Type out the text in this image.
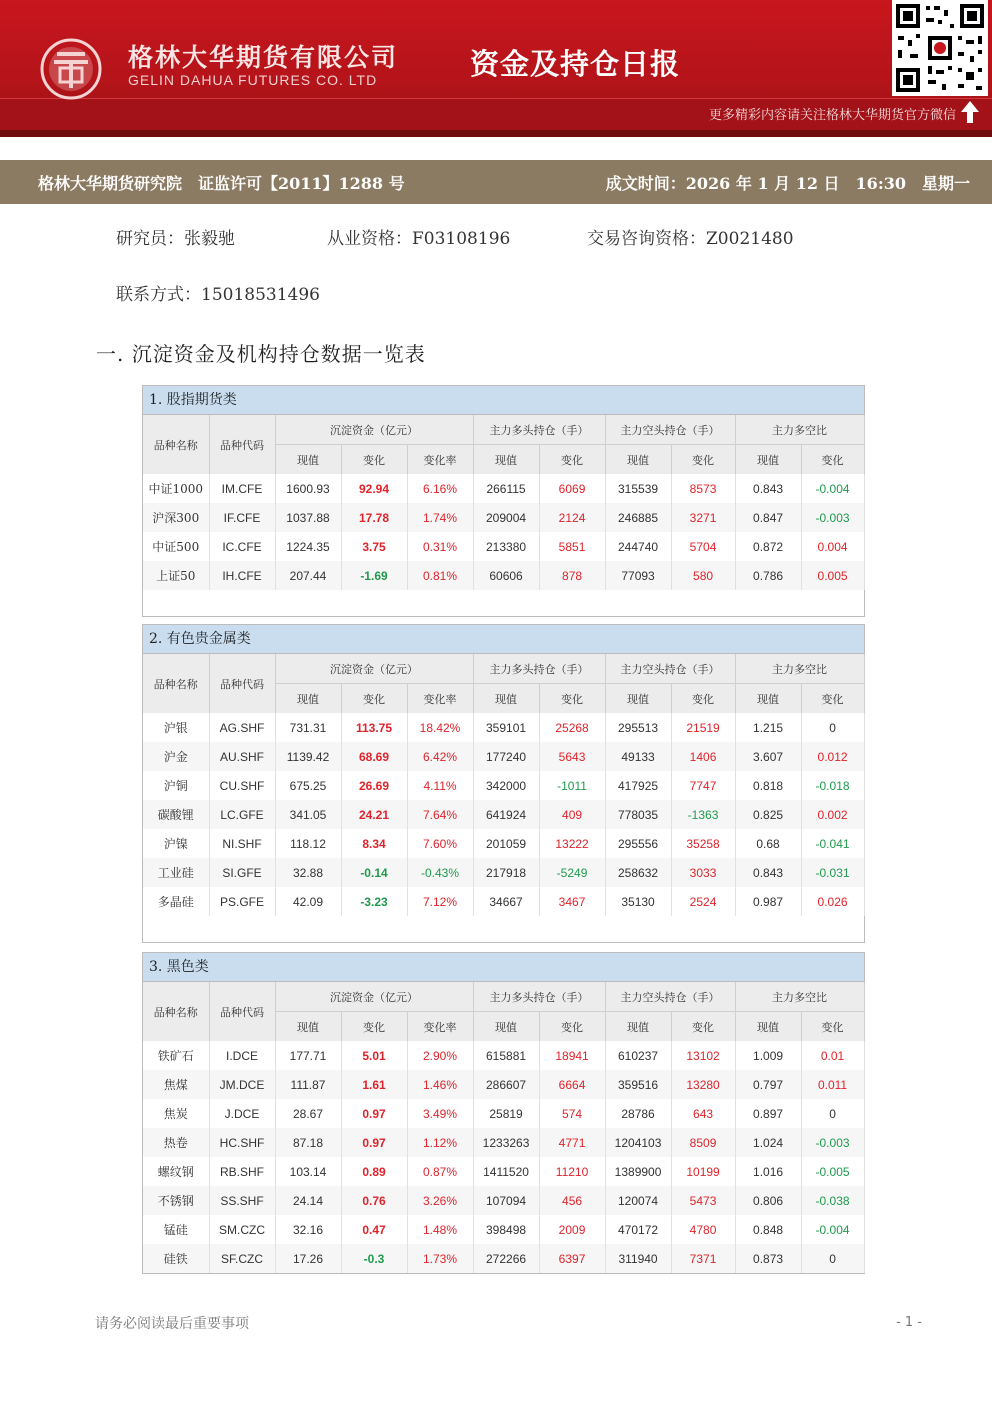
格林大华期货有限公司
GELIN DAHUA FUTURES CO. LTD	资金及持仓日报
更多精彩内容请关注格林大华期货官方微信
格林大华期货研究院　证监许可【2011】1288 号	成文时间：2026 年 1 月 12 日　16:30　星期一
研究员：张毅驰	从业资格：F03108196	交易咨询资格：Z0021480
联系方式：15018531496
一. 沉淀资金及机构持仓数据一览表
1. 股指期货类
品种名称	品种代码	沉淀资金（亿元）			主力多头持仓（手）		主力空头持仓（手）		主力多空比	
		现值	变化	变化率	现值	变化	现值	变化	现值	变化
中证1000	IM.CFE	1600.93	92.94	6.16%	266115	6069	315539	8573	0.843	-0.004
沪深300	IF.CFE	1037.88	17.78	1.74%	209004	2124	246885	3271	0.847	-0.003
中证500	IC.CFE	1224.35	3.75	0.31%	213380	5851	244740	5704	0.872	0.004
上证50	IH.CFE	207.44	-1.69	0.81%	60606	878	77093	580	0.786	0.005
2. 有色贵金属类
品种名称	品种代码	沉淀资金（亿元）			主力多头持仓（手）		主力空头持仓（手）		主力多空比	
		现值	变化	变化率	现值	变化	现值	变化	现值	变化
沪银	AG.SHF	731.31	113.75	18.42%	359101	25268	295513	21519	1.215	0
沪金	AU.SHF	1139.42	68.69	6.42%	177240	5643	49133	1406	3.607	0.012
沪铜	CU.SHF	675.25	26.69	4.11%	342000	-1011	417925	7747	0.818	-0.018
碳酸锂	LC.GFE	341.05	24.21	7.64%	641924	409	778035	-1363	0.825	0.002
沪镍	NI.SHF	118.12	8.34	7.60%	201059	13222	295556	35258	0.68	-0.041
工业硅	SI.GFE	32.88	-0.14	-0.43%	217918	-5249	258632	3033	0.843	-0.031
多晶硅	PS.GFE	42.09	-3.23	7.12%	34667	3467	35130	2524	0.987	0.026
3. 黑色类
品种名称	品种代码	沉淀资金（亿元）			主力多头持仓（手）		主力空头持仓（手）		主力多空比	
		现值	变化	变化率	现值	变化	现值	变化	现值	变化
铁矿石	I.DCE	177.71	5.01	2.90%	615881	18941	610237	13102	1.009	0.01
焦煤	JM.DCE	111.87	1.61	1.46%	286607	6664	359516	13280	0.797	0.011
焦炭	J.DCE	28.67	0.97	3.49%	25819	574	28786	643	0.897	0
热卷	HC.SHF	87.18	0.97	1.12%	1233263	4771	1204103	8509	1.024	-0.003
螺纹钢	RB.SHF	103.14	0.89	0.87%	1411520	11210	1389900	10199	1.016	-0.005
不锈钢	SS.SHF	24.14	0.76	3.26%	107094	456	120074	5473	0.806	-0.038
锰硅	SM.CZC	32.16	0.47	1.48%	398498	2009	470172	4780	0.848	-0.004
硅铁	SF.CZC	17.26	-0.3	1.73%	272266	6397	311940	7371	0.873	0
请务必阅读最后重要事项	- 1 -
